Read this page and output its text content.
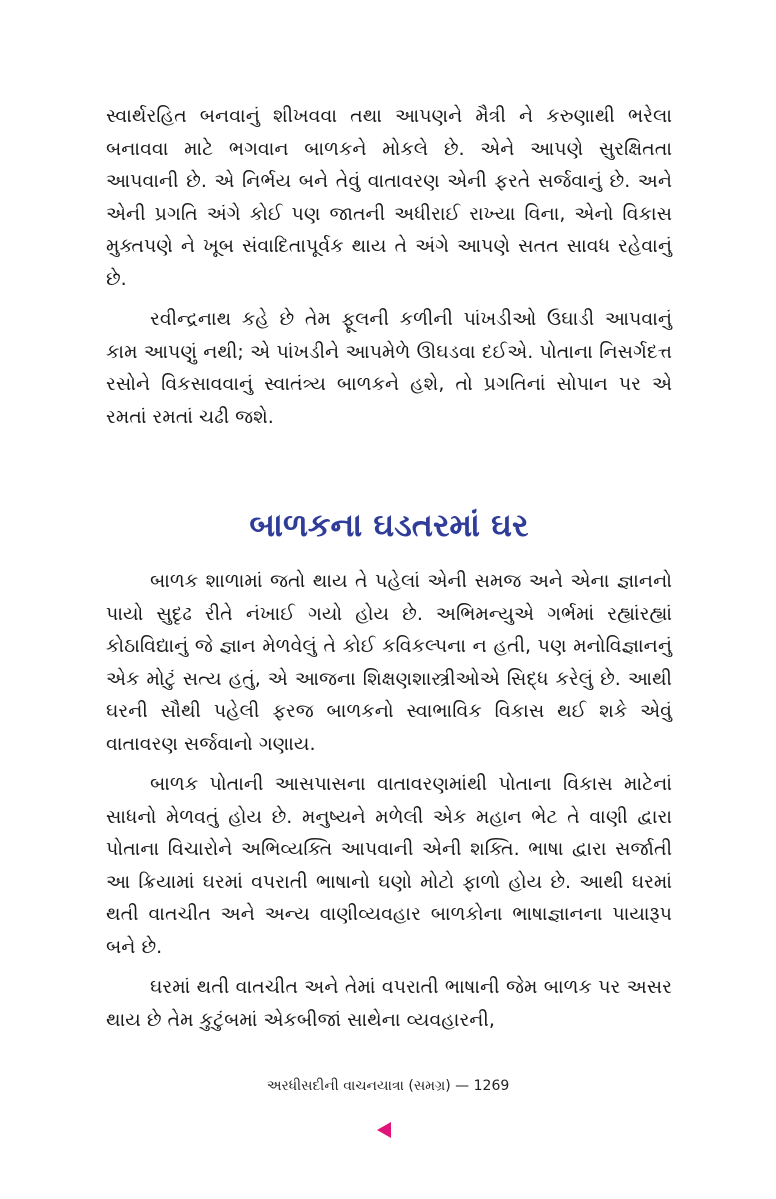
સ્વાર્થરહિત બનવાનું શીખવવા તથા આપણને મૈત્રી ને કરુણાથી ભરેલા બનાવવા માટે ભગવાન બાળકને મોકલે છે. એને આપણે સુરક્ષિતતા આપવાની છે. એ નિર્ભય બને તેવું વાતાવરણ એની ફરતે સર્જવાનું છે. અને એની પ્રગતિ અંગે કોઈ પણ જાતની અધીરાઈ રાખ્યા વિના, એનો વિકાસ મુક્તપણે ને ખૂબ સંવાદિતાપૂર્વક થાય તે અંગે આપણે સતત સાવધ રહેવાનું છે.

રવીન્દ્રનાથ કહે છે તેમ ફૂલની કળીની પાંખડીઓ ઉઘાડી આપવાનું કામ આપણું નથી; એ પાંખડીને આપમેળે ઊઘડવા દઈએ. પોતાના નિસર્ગદત્ત રસોને વિકસાવવાનું સ્વાતંત્ર્ય બાળકને હશે, તો પ્રગતિનાં સોપાન પર એ રમતાં રમતાં ચઢી જશે.

બાળકના ઘડતરમાં ઘર

બાળક શાળામાં જતો થાય તે પહેલાં એની સમજ અને એના જ્ઞાનનો પાયો સુદૃઢ રીતે નંખાઈ ગયો હોય છે. અભિમન્યુએ ગર્ભમાં રહ્યાંરહ્યાં કોઠાવિદ્યાનું જે જ્ઞાન મેળવેલું તે કોઈ કવિકલ્પના ન હતી, પણ મનોવિજ્ઞાનનું એક મોટું સત્ય હતું, એ આજના શિક્ષણશાસ્ત્રીઓએ સિદ્ધ કરેલું છે. આથી ઘરની સૌથી પહેલી ફરજ બાળકનો સ્વાભાવિક વિકાસ થઈ શકે એવું વાતાવરણ સર્જવાનો ગણાય.

બાળક પોતાની આસપાસના વાતાવરણમાંથી પોતાના વિકાસ માટેનાં સાધનો મેળવતું હોય છે. મનુષ્યને મળેલી એક મહાન ભેટ તે વાણી દ્વારા પોતાના વિચારોને અભિવ્યક્તિ આપવાની એની શક્તિ. ભાષા દ્વારા સર્જાતી આ ક્રિયામાં ઘરમાં વપરાતી ભાષાનો ઘણો મોટો ફાળો હોય છે. આથી ઘરમાં થતી વાતચીત અને અન્ય વાણીવ્યવહાર બાળકોના ભાષાજ્ઞાનના પાયારૂપ બને છે.

ઘરમાં થતી વાતચીત અને તેમાં વપરાતી ભાષાની જેમ બાળક પર અસર થાય છે તેમ કુટુંબમાં એકબીજાં સાથેના વ્યવહારની,

અરધીસદીની વાચનયાત્રા (સમગ્ર) — 1269
